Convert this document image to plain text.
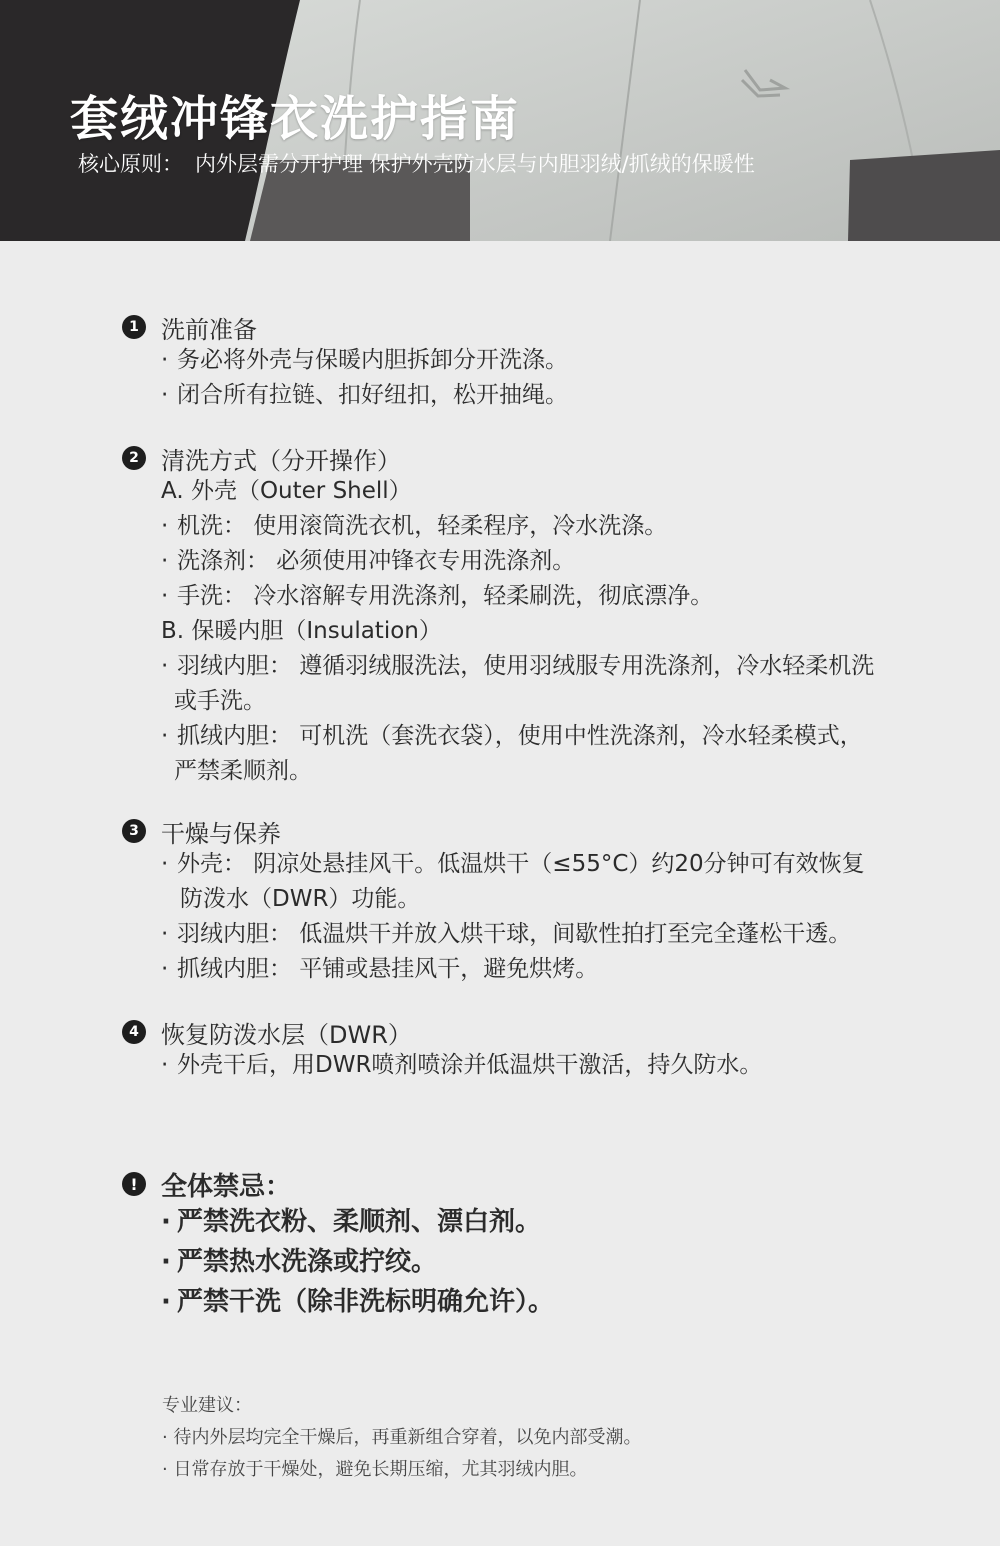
套绒冲锋衣洗护指南
核心原则： 内外层需分开护理 保护外壳防水层与内胆羽绒/抓绒的保暖性
1 洗前准备
· 务必将外壳与保暖内胆拆卸分开洗涤。
· 闭合所有拉链、扣好纽扣，松开抽绳。
2 清洗方式（分开操作）
A. 外壳（Outer Shell）
· 机洗： 使用滚筒洗衣机，轻柔程序，冷水洗涤。
· 洗涤剂： 必须使用冲锋衣专用洗涤剂。
· 手洗： 冷水溶解专用洗涤剂，轻柔刷洗，彻底漂净。
B. 保暖内胆（Insulation）
· 羽绒内胆： 遵循羽绒服洗法，使用羽绒服专用洗涤剂，冷水轻柔机洗
或手洗。
· 抓绒内胆： 可机洗（套洗衣袋），使用中性洗涤剂，冷水轻柔模式，
严禁柔顺剂。
3 干燥与保养
· 外壳： 阴凉处悬挂风干。低温烘干（≤55°C）约20分钟可有效恢复
防泼水（DWR）功能。
· 羽绒内胆： 低温烘干并放入烘干球，间歇性拍打至完全蓬松干透。
· 抓绒内胆： 平铺或悬挂风干，避免烘烤。
4 恢复防泼水层（DWR）
· 外壳干后，用DWR喷剂喷涂并低温烘干激活，持久防水。
! 全体禁忌：
· 严禁洗衣粉、柔顺剂、漂白剂。
· 严禁热水洗涤或拧绞。
· 严禁干洗（除非洗标明确允许）。
专业建议：
· 待内外层均完全干燥后，再重新组合穿着，以免内部受潮。
· 日常存放于干燥处，避免长期压缩，尤其羽绒内胆。
